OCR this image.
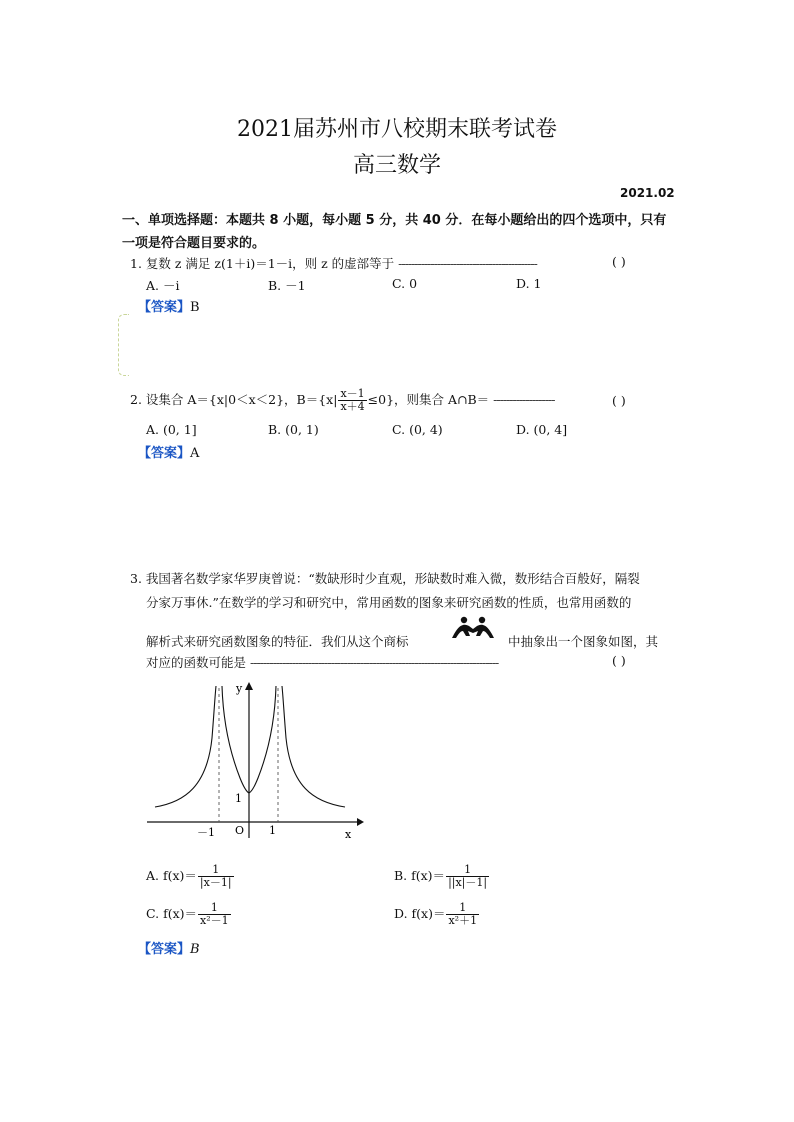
2021届苏州市八校期末联考试卷
高三数学
2021.02
一、单项选择题：本题共 8 小题，每小题 5 分，共 40 分．在每小题给出的四个选项中，只有一项是符合题目要求的。
1. 复数 z 满足 z(1＋i)＝1－i，则 z 的虚部等于 -------------------------------------------	( )
A. －i	B. －1	C. 0	D. 1
【答案】B
2. 设集合 A＝{x|0＜x＜2}，$B=\{x| \frac{x-1}{x+4} \le 0\}$，则集合 A∩B＝ -------------------	( )
A. (0, 1]	B. (0, 1)	C. (0, 4)	D. (0, 4]
【答案】A
3. 我国著名数学家华罗庚曾说：“数缺形时少直观，形缺数时难入微，数形结合百般好，隔裂
分家万事休.”在数学的学习和研究中，常用函数的图象来研究函数的性质，也常用函数的
解析式来研究函数图象的特征．我们从这个商标	中抽象出一个图象如图，其
对应的函数可能是 -----------------------------------------------------------------------------	( )
y
x
O
－1	1
1
A. $f(x)= \frac{1}{|x-1|}$	B. $f(x)= \frac{1}{||x|-1|}$
C. $f(x)= \frac{1}{\text{x²－1}}$	D. $f(x)= \frac{1}{\text{x²＋1}}$
【答案】B
